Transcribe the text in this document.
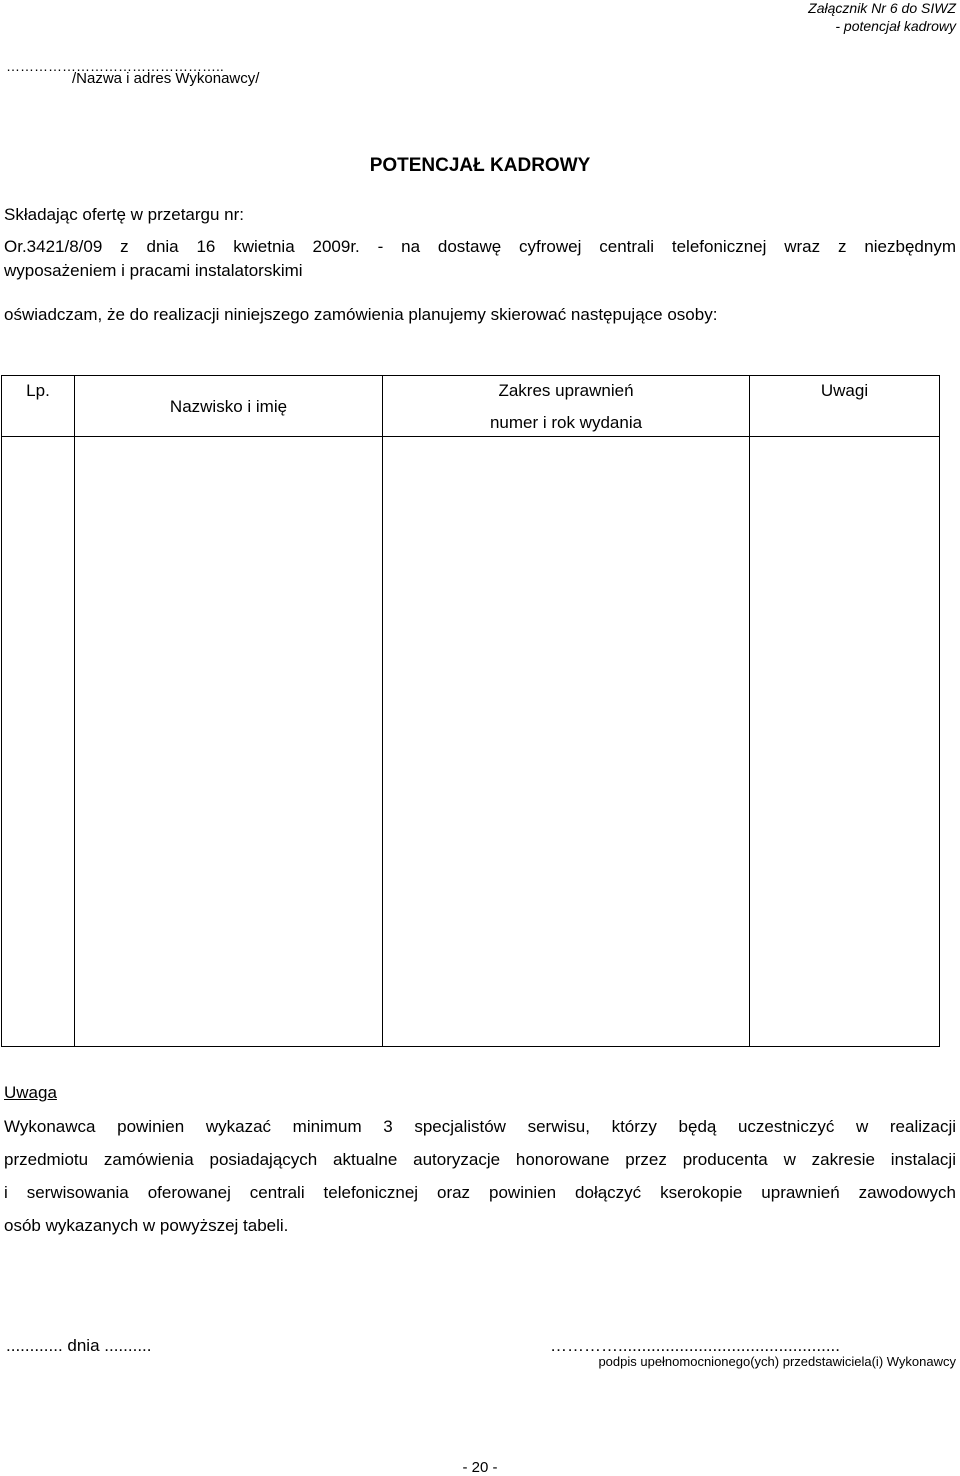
Załącznik Nr 6 do SIWZ
- potencjał kadrowy
………………………………………..
/Nazwa i adres Wykonawcy/
POTENCJAŁ KADROWY
Składając ofertę w przetargu nr:
Or.3421/8/09 z dnia 16 kwietnia 2009r. - na dostawę cyfrowej centrali telefonicznej wraz z niezbędnym
wyposażeniem i pracami instalatorskimi
oświadczam, że do realizacji niniejszego zamówienia planujemy skierować następujące osoby:
Lp.	Nazwisko i imię	Zakres uprawnień
numer i rok wydania	Uwagi

Uwaga
Wykonawca powinien wykazać minimum 3 specjalistów serwisu, którzy będą uczestniczyć w realizacji
przedmiotu zamówienia posiadających aktualne autoryzacje honorowane przez producenta w zakresie instalacji
i serwisowania oferowanej centrali telefonicznej oraz powinien dołączyć kserokopie uprawnień zawodowych
osób wykazanych w powyższej tabeli.
............ dnia ..........	…………...............................................
podpis upełnomocnionego(ych) przedstawiciela(i) Wykonawcy
- 20 -
